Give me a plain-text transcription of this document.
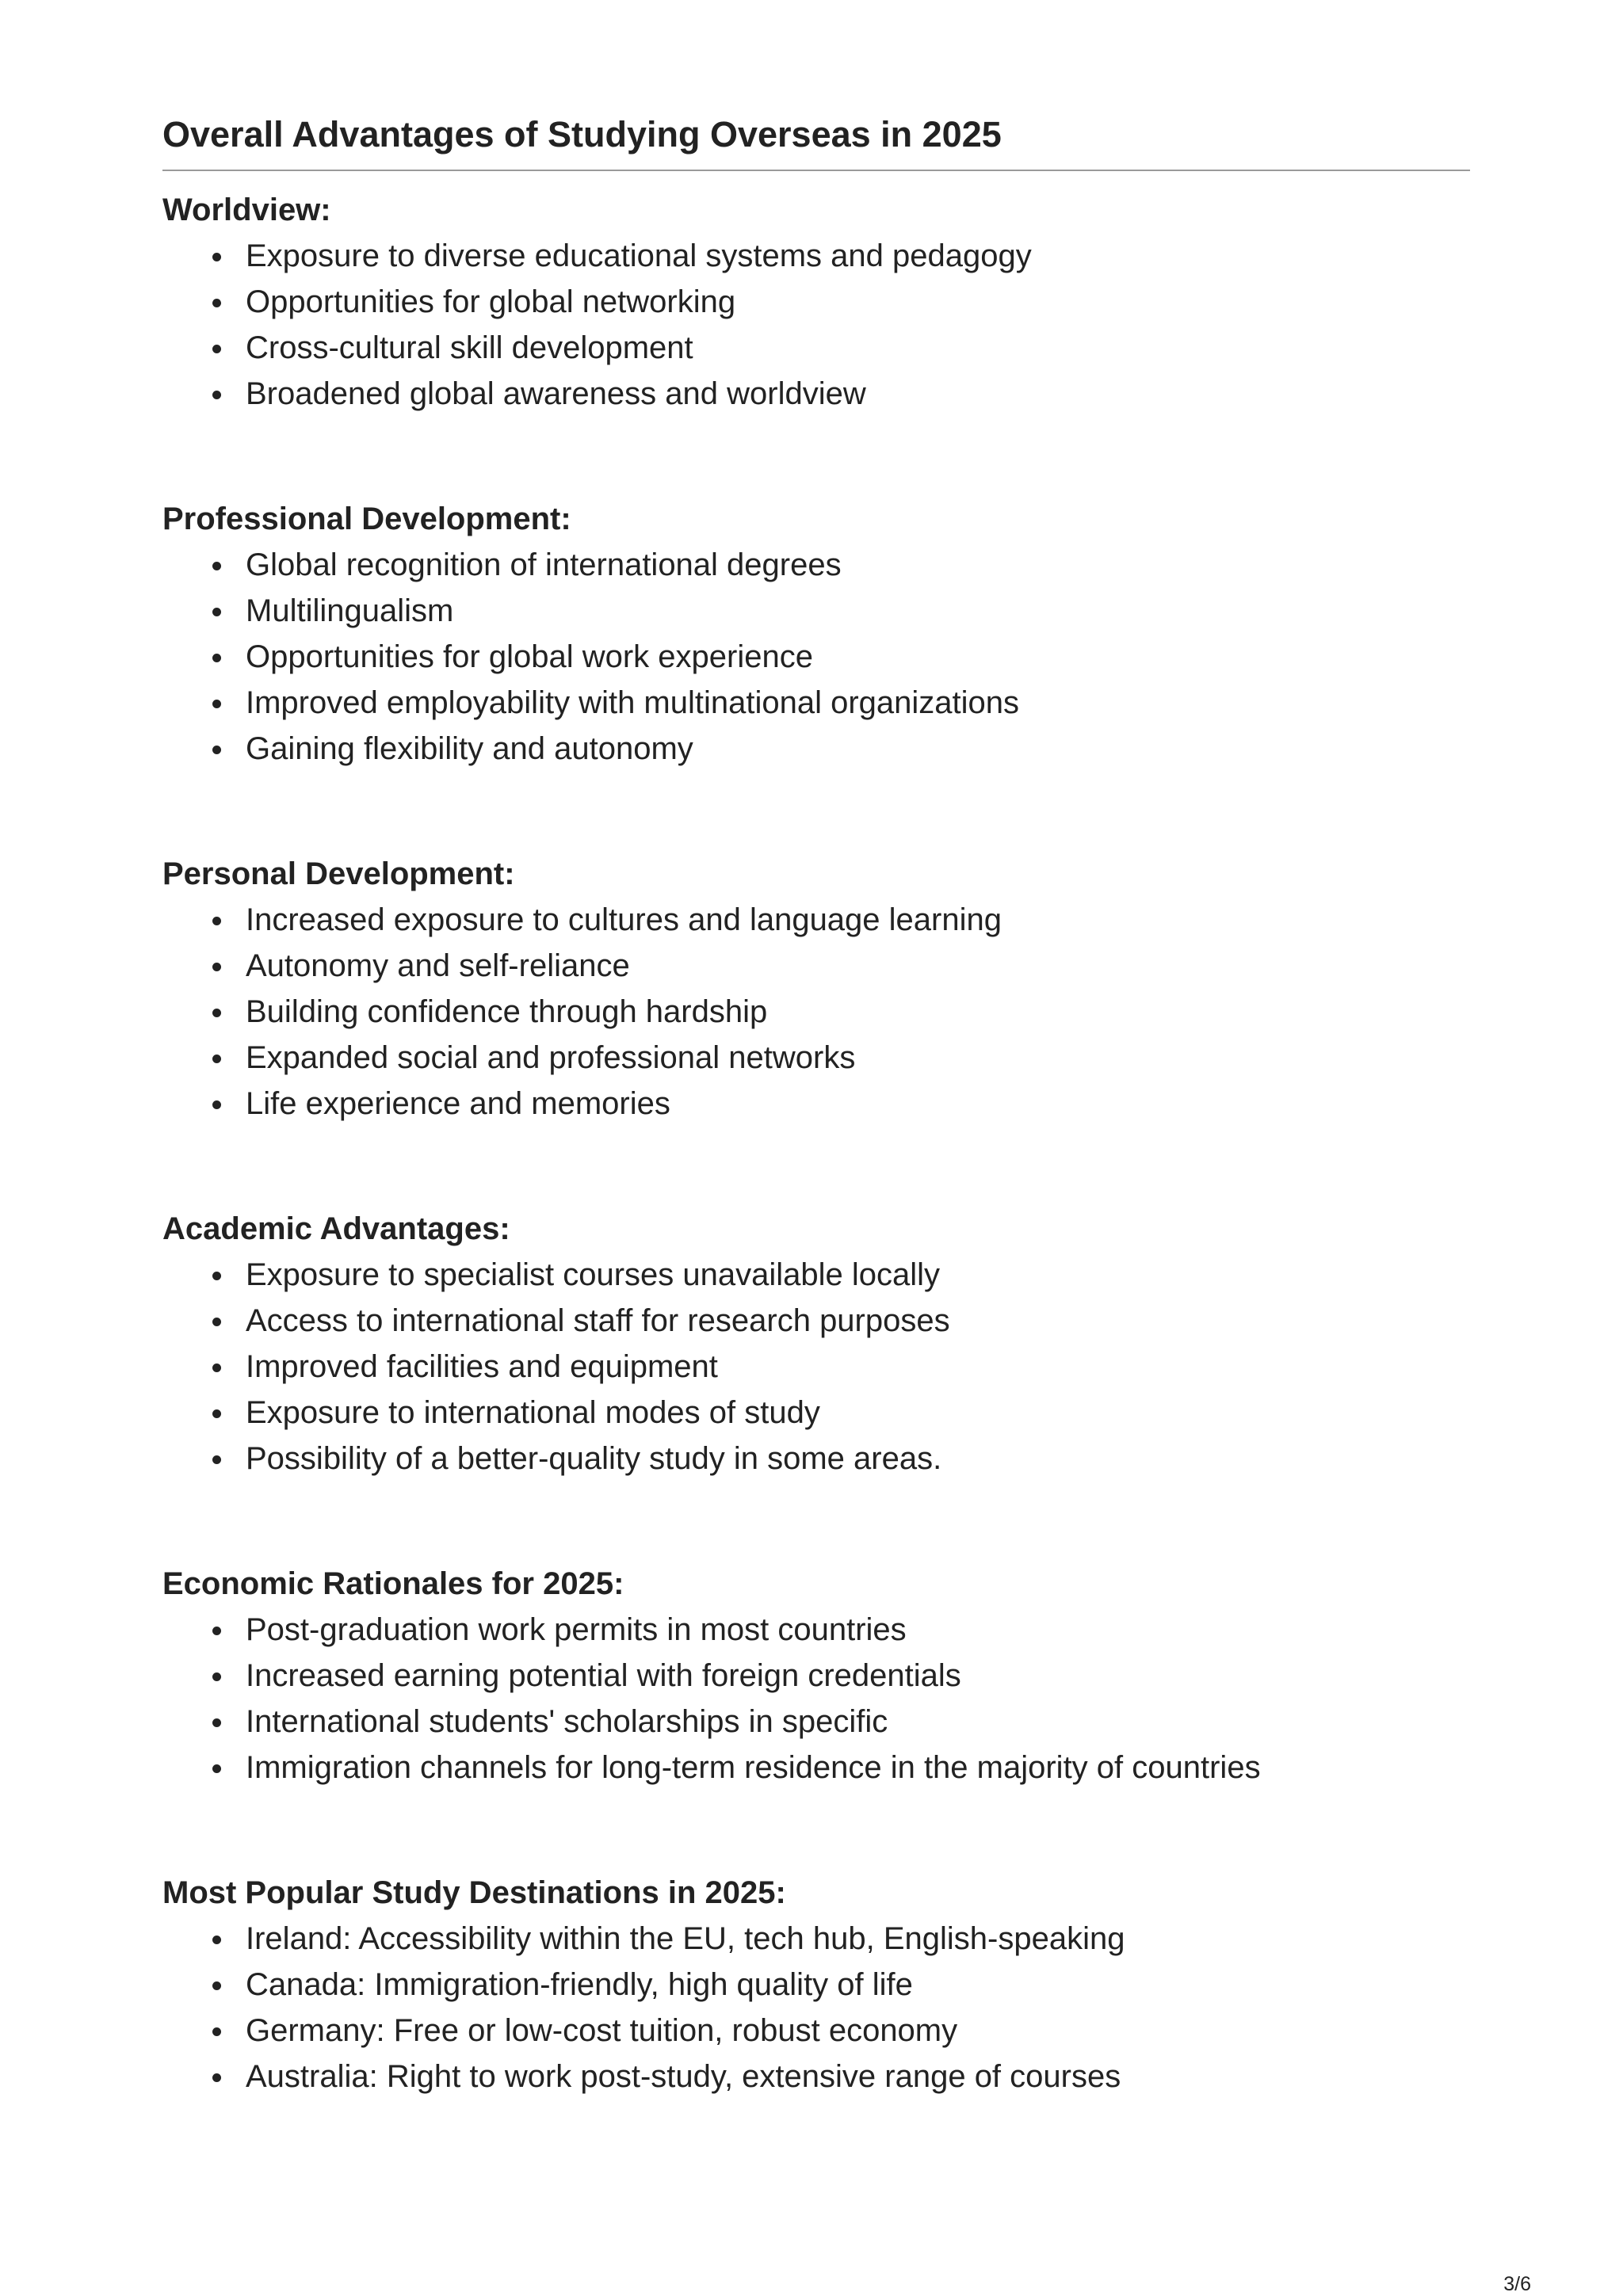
Overall Advantages of Studying Overseas in 2025
Worldview:
Exposure to diverse educational systems and pedagogy
Opportunities for global networking
Cross-cultural skill development
Broadened global awareness and worldview
Professional Development:
Global recognition of international degrees
Multilingualism
Opportunities for global work experience
Improved employability with multinational organizations
Gaining flexibility and autonomy
Personal Development:
Increased exposure to cultures and language learning
Autonomy and self-reliance
Building confidence through hardship
Expanded social and professional networks
Life experience and memories
Academic Advantages:
Exposure to specialist courses unavailable locally
Access to international staff for research purposes
Improved facilities and equipment
Exposure to international modes of study
Possibility of a better-quality study in some areas.
Economic Rationales for 2025:
Post-graduation work permits in most countries
Increased earning potential with foreign credentials
International students' scholarships in specific
Immigration channels for long-term residence in the majority of countries
Most Popular Study Destinations in 2025:
Ireland: Accessibility within the EU, tech hub, English-speaking
Canada: Immigration-friendly, high quality of life
Germany: Free or low-cost tuition, robust economy
Australia: Right to work post-study, extensive range of courses
3/6
